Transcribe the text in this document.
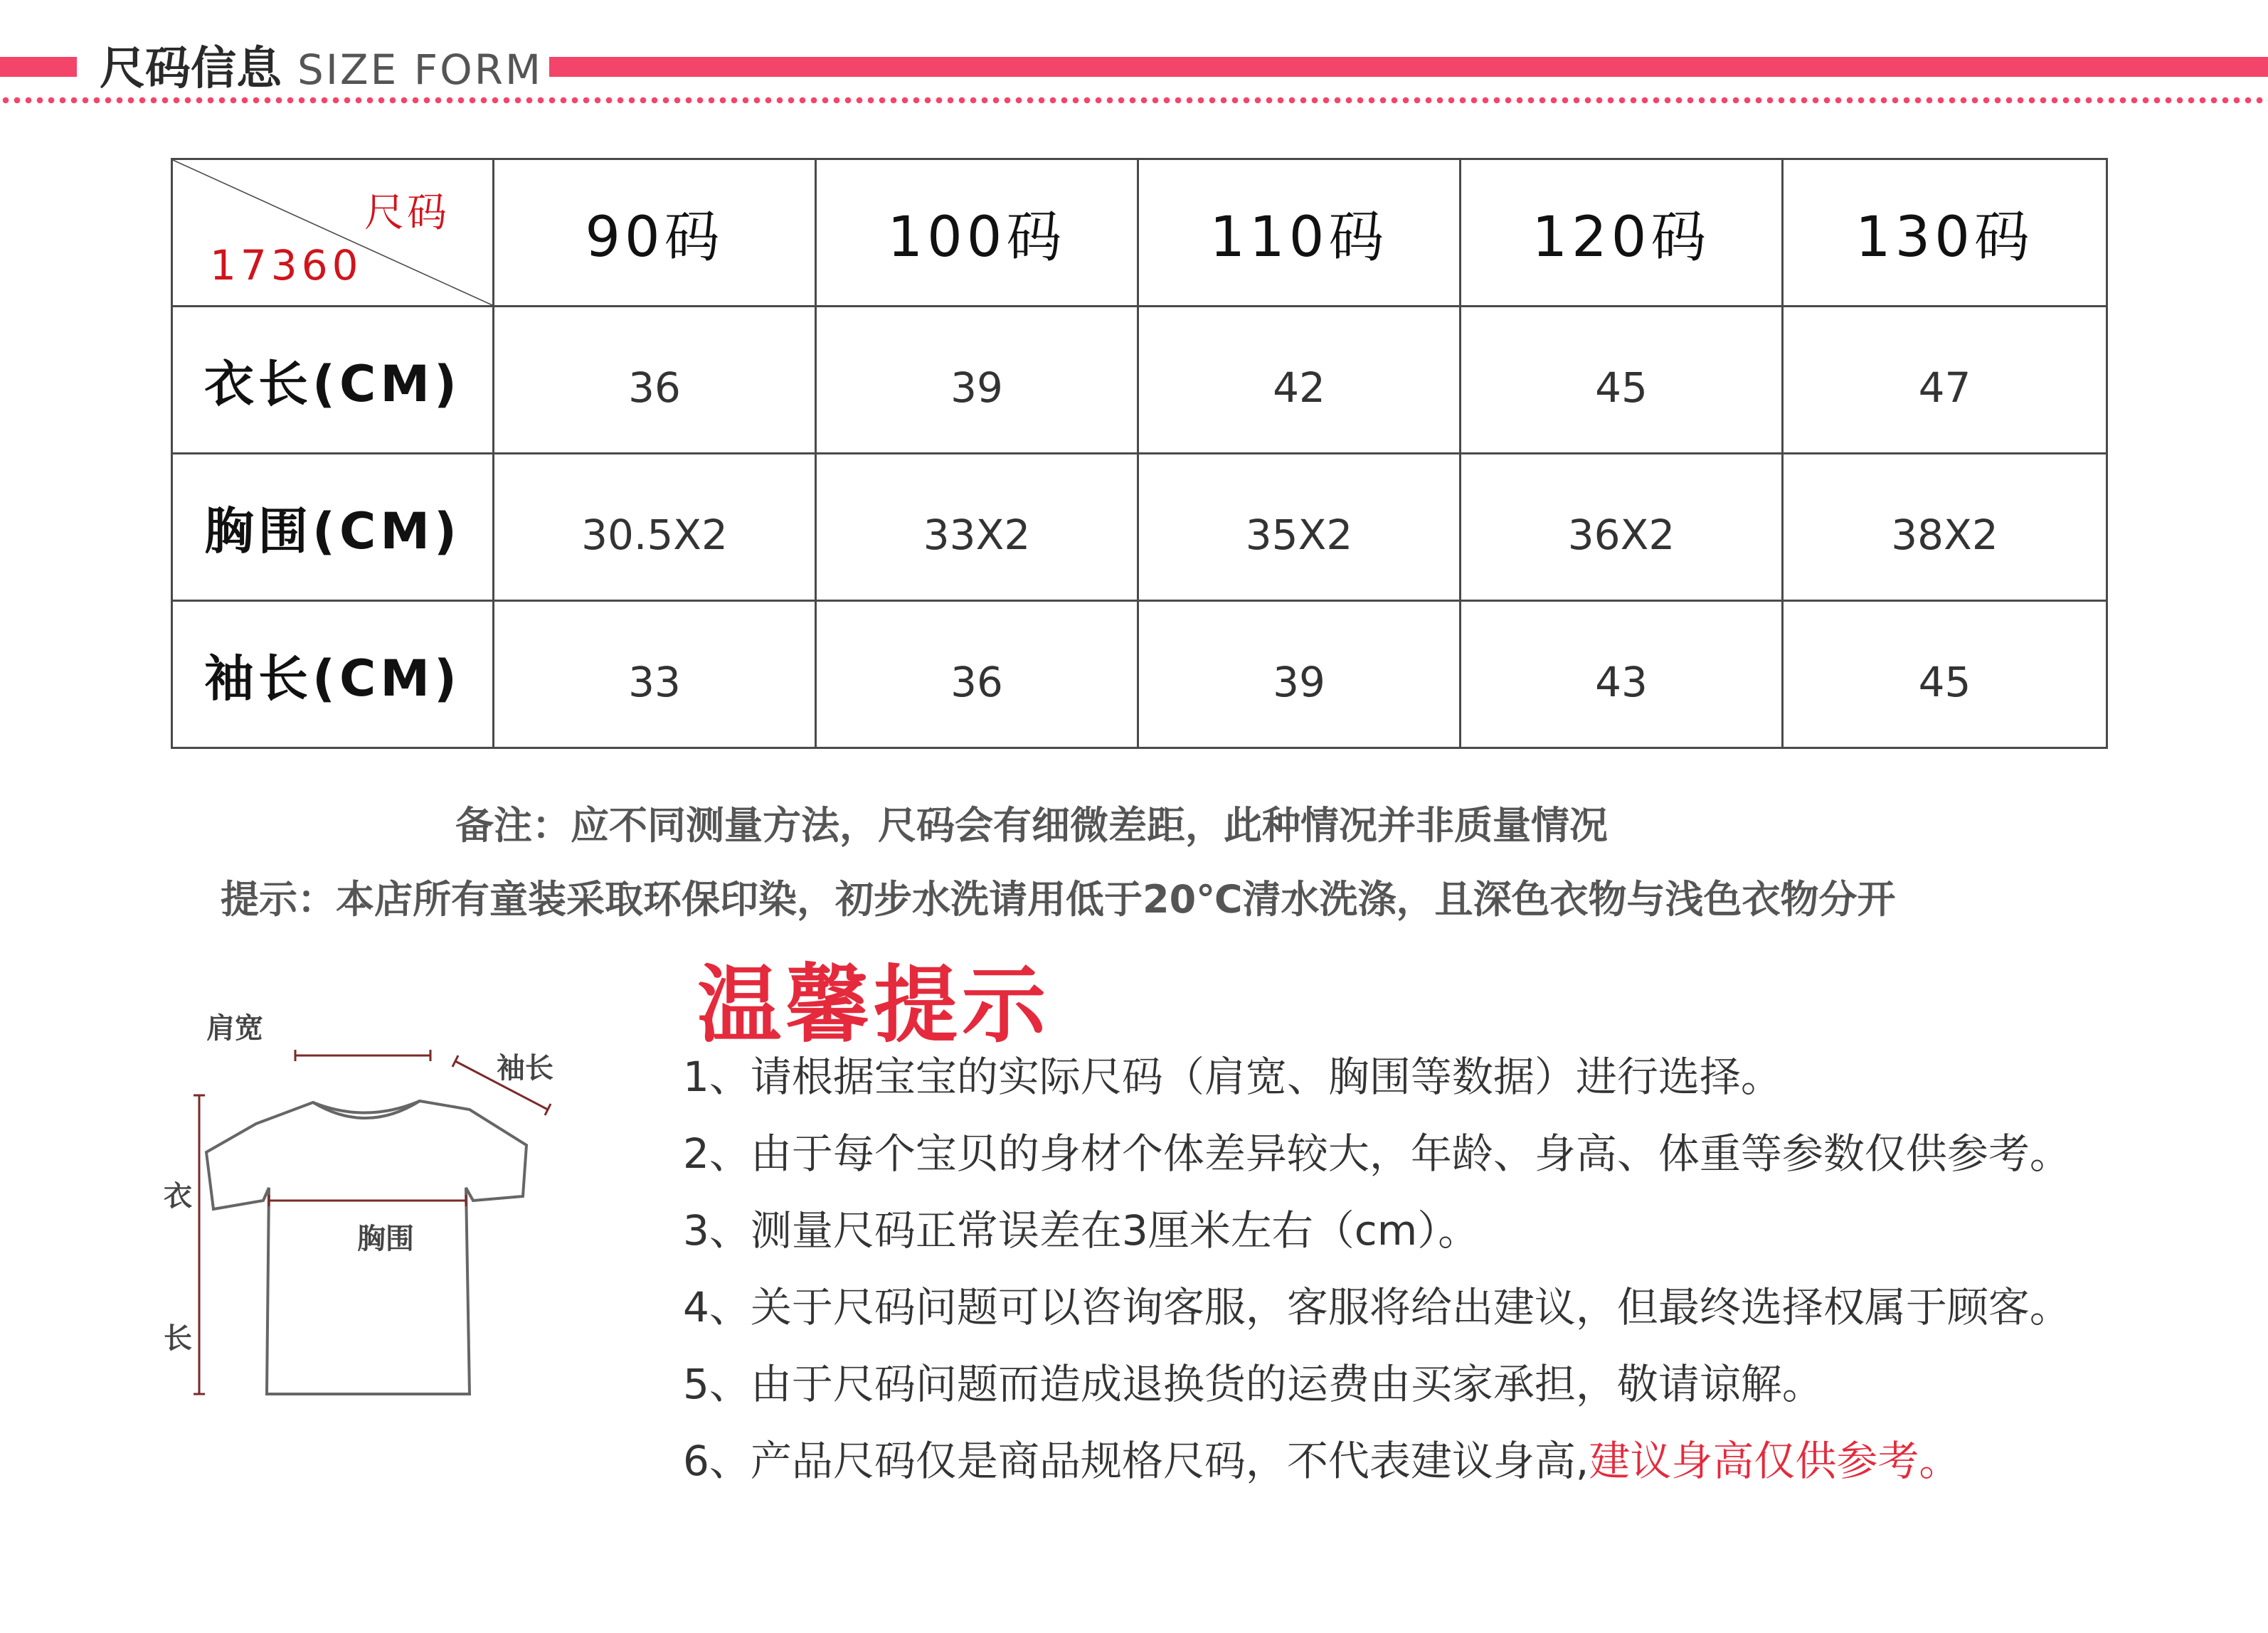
尺码信息 SIZE FORM
尺码
17360	90码	100码	110码	120码	130码
衣长(CM)	36	39	42	45	47
胸围(CM)	30.5X2	33X2	35X2	36X2	38X2
袖长(CM)	33	36	39	43	45
备注：应不同测量方法，尺码会有细微差距，此种情况并非质量情况
提示：本店所有童装采取环保印染，初步水洗请用低于20℃清水洗涤，且深色衣物与浅色衣物分开
肩宽
袖长
衣
长
胸围
温馨提示
1、请根据宝宝的实际尺码（肩宽、胸围等数据）进行选择。
2、由于每个宝贝的身材个体差异较大，年龄、身高、体重等参数仅供参考。
3、测量尺码正常误差在3厘米左右（cm）。
4、关于尺码问题可以咨询客服，客服将给出建议，但最终选择权属于顾客。
5、由于尺码问题而造成退换货的运费由买家承担，敬请谅解。
6、产品尺码仅是商品规格尺码，不代表建议身高,建议身高仅供参考。
